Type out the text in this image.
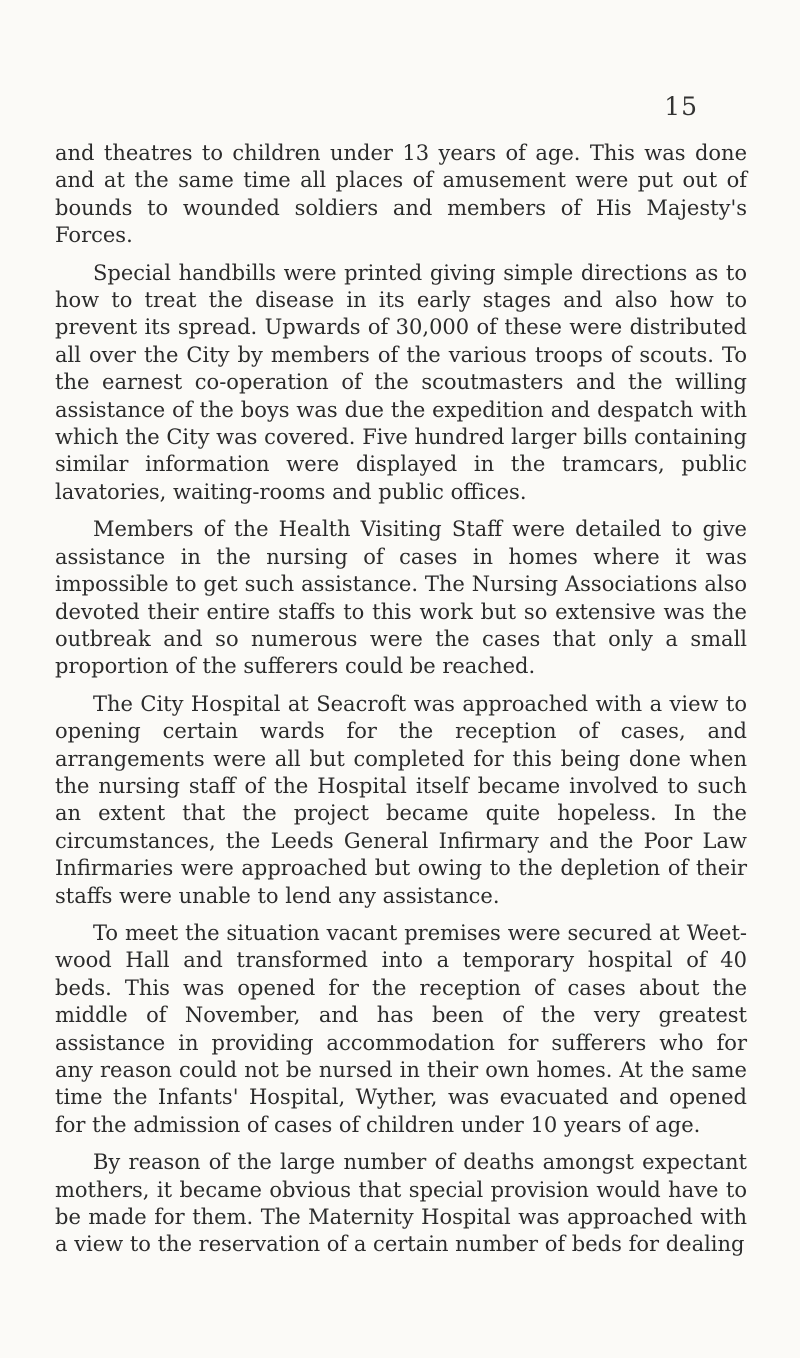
15

and theatres to children under 13 years of age. This was done and at the same time all places of amusement were put out of bounds to wounded soldiers and members of His Majesty's Forces.

Special handbills were printed giving simple directions as to how to treat the disease in its early stages and also how to prevent its spread. Upwards of 30,000 of these were distributed all over the City by members of the various troops of scouts. To the earnest co-operation of the scoutmasters and the willing assistance of the boys was due the expedition and despatch with which the City was covered. Five hundred larger bills containing similar information were displayed in the tramcars, public lavatories, waiting-rooms and public offices.

Members of the Health Visiting Staff were detailed to give assistance in the nursing of cases in homes where it was impossible to get such assistance. The Nursing Associations also devoted their entire staffs to this work but so extensive was the outbreak and so numerous were the cases that only a small proportion of the sufferers could be reached.

The City Hospital at Seacroft was approached with a view to opening certain wards for the reception of cases, and arrangements were all but completed for this being done when the nursing staff of the Hospital itself became involved to such an extent that the project became quite hopeless. In the circumstances, the Leeds General Infirmary and the Poor Law Infirmaries were approached but owing to the depletion of their staffs were unable to lend any assistance.

To meet the situation vacant premises were secured at Weet-wood Hall and transformed into a temporary hospital of 40 beds. This was opened for the reception of cases about the middle of November, and has been of the very greatest assistance in providing accommodation for sufferers who for any reason could not be nursed in their own homes. At the same time the Infants' Hospital, Wyther, was evacuated and opened for the admission of cases of children under 10 years of age.

By reason of the large number of deaths amongst expectant mothers, it became obvious that special provision would have to be made for them. The Maternity Hospital was approached with a view to the reservation of a certain number of beds for dealing
